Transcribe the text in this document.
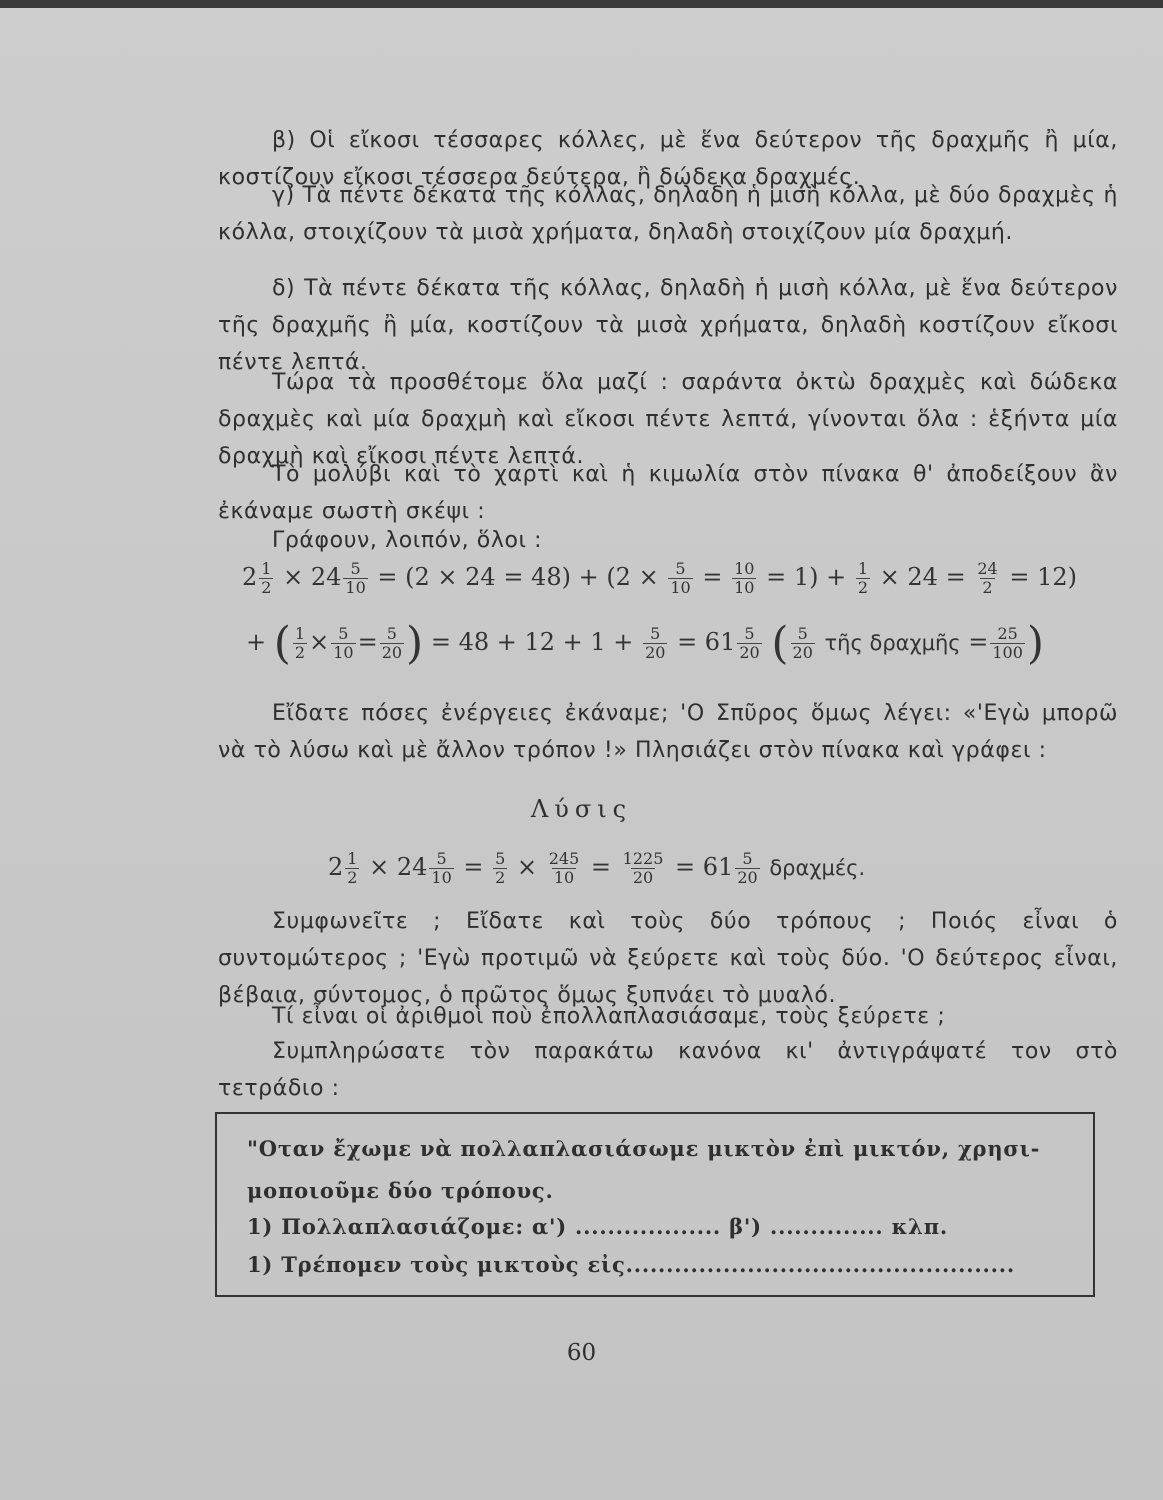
β) Οἱ εἴκοσι τέσσαρες κόλλες, μὲ ἕνα δεύτερον τῆς δραχμῆς ἢ μία, κοστίζουν εἴκοσι τέσσερα δεύτερα, ἢ δώδεκα δραχμές.
γ) Τὰ πέντε δέκατα τῆς κόλλας, δηλαδὴ ἡ μισὴ κόλλα, μὲ δύο δραχμὲς ἡ κόλλα, στοιχίζουν τὰ μισὰ χρήματα, δηλαδὴ στοιχίζουν μία δραχμή.
δ) Τὰ πέντε δέκατα τῆς κόλλας, δηλαδὴ ἡ μισὴ κόλλα, μὲ ἕνα δεύτερον τῆς δραχμῆς ἢ μία, κοστίζουν τὰ μισὰ χρήματα, δηλαδὴ κοστίζουν εἴκοσι πέντε λεπτά.
Τώρα τὰ προσθέτομε ὅλα μαζί : σαράντα ὀκτὼ δραχμὲς καὶ δώδεκα δραχμὲς καὶ μία δραχμὴ καὶ εἴκοσι πέντε λεπτά, γίνονται ὅλα : ἑξήντα μία δραχμὴ καὶ εἴκοσι πέντε λεπτά.
Τὸ μολύβι καὶ τὸ χαρτὶ καὶ ἡ κιμωλία στὸν πίνακα θ' ἀποδείξουν ἂν ἐκάναμε σωστὴ σκέψι :
Γράφουν, λοιπόν, ὅλοι :
$2 \frac{1}{2} \times 24 \frac{5}{10} = (2 \times 24 = 48) + (2 \times \frac{5}{10} = \frac{10}{10} = 1) + \frac{1}{2} \times 24 = \frac{24}{2} = 12$)
+ ( $\frac{1}{2} \times \frac{5}{10} = \frac{5}{20}$ ) = $48 + 12 + 1 + \frac{5}{20} = 61 \frac{5}{20}$ ( $\frac{5}{20}$ τῆς δραχμῆς = $\frac{25}{100}$ )
Εἴδατε πόσες ἐνέργειες ἐκάναμε; 'Ο Σπῦρος ὅμως λέγει: «'Εγὼ μπορῶ νὰ τὸ λύσω καὶ μὲ ἄλλον τρόπον !» Πλησιάζει στὸν πίνακα καὶ γράφει :
Λύσις
$2 \frac{1}{2} \times 24 \frac{5}{10} = \frac{5}{2} \times \frac{245}{10} = \frac{1225}{20} = 61 \frac{5}{20} \delta\rho\alpha\chi\mu έ\varsigma$.
Συμφωνεῖτε ; Εἴδατε καὶ τοὺς δύο τρόπους ; Ποιός εἶναι ὁ συντομώτερος ; 'Εγὼ προτιμῶ νὰ ξεύρετε καὶ τοὺς δύο. 'Ο δεύτερος εἶναι, βέβαια, σύντομος, ὁ πρῶτος ὅμως ξυπνάει τὸ μυαλό.
Τί εἶναι οἱ ἀριθμοὶ ποὺ ἐπολλαπλασιάσαμε, τοὺς ξεύρετε ;
Συμπληρώσατε τὸν παρακάτω κανόνα κι' ἀντιγράψατέ τον στὸ τετράδιο :
"Οταν ἔχωμε νὰ πολλαπλασιάσωμε μικτὸν ἐπὶ μικτόν, χρησι-
μοποιοῦμε δύο τρόπους.
1) Πολλαπλασιάζομε: α') .................. β') .............. κλπ.
1) Τρέπομεν τοὺς μικτοὺς εἰς................................................
60
